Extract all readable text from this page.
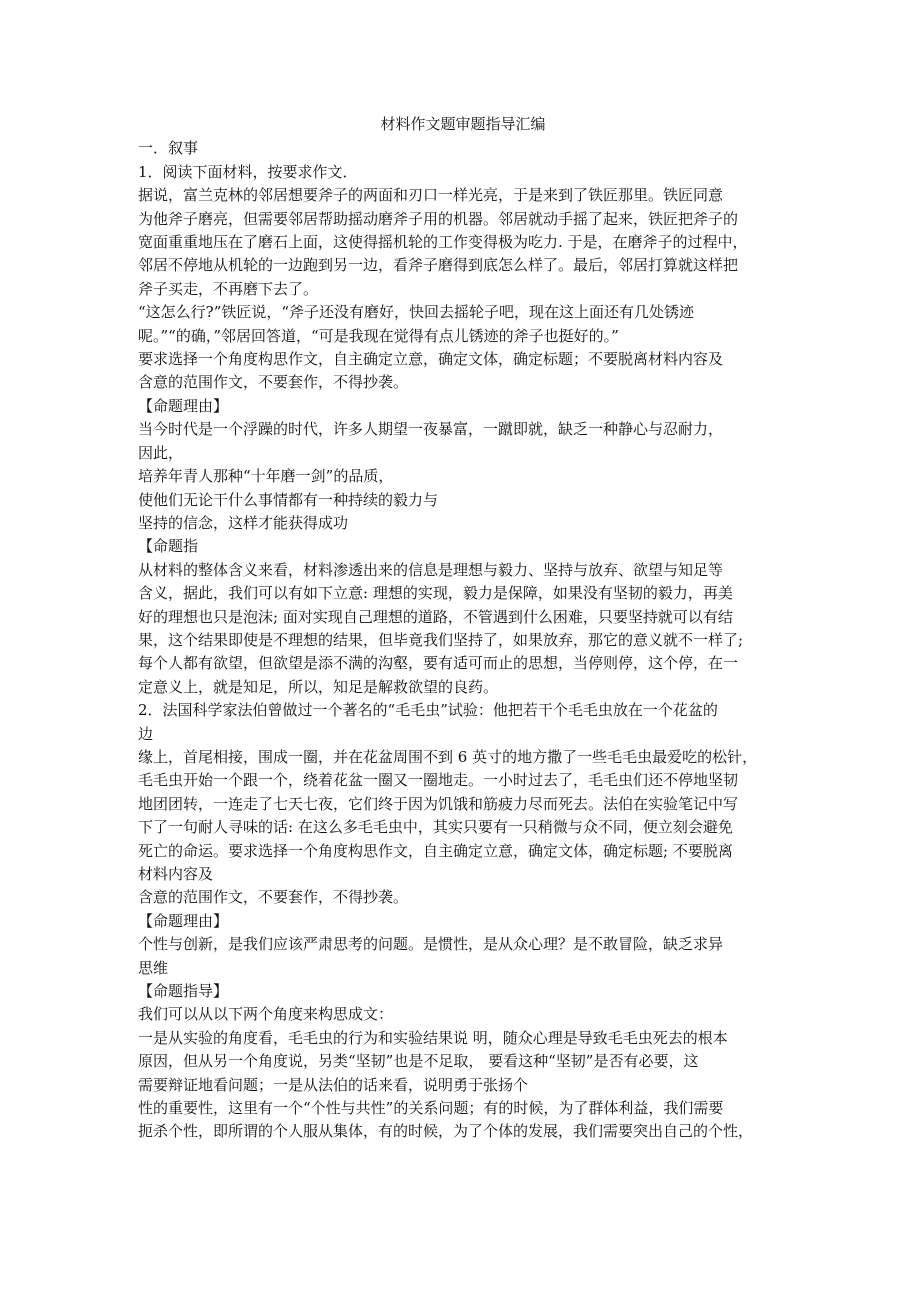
材料作文题审题指导汇编
一．叙事
1．阅读下面材料，按要求作文．
据说，富兰克林的邻居想要斧子的两面和刃口一样光亮，于是来到了铁匠那里。铁匠同意
为他斧子磨亮，但需要邻居帮助摇动磨斧子用的机器。邻居就动手摇了起来，铁匠把斧子的
宽面重重地压在了磨石上面，这使得摇机轮的工作变得极为吃力. 于是，在磨斧子的过程中，
邻居不停地从机轮的一边跑到另一边，看斧子磨得到底怎么样了。最后，邻居打算就这样把
斧子买走，不再磨下去了。
“这怎么行?”铁匠说，“斧子还没有磨好，快回去摇轮子吧，现在这上面还有几处锈迹
呢。”“的确，”邻居回答道，“可是我现在觉得有点儿锈迹的斧子也挺好的。”
要求选择一个角度构思作文，自主确定立意，确定文体，确定标题；不要脱离材料内容及
含意的范围作文，不要套作，不得抄袭。
【命题理由】
当今时代是一个浮躁的时代，许多人期望一夜暴富，一蹴即就，缺乏一种静心与忍耐力，
因此，
培养年青人那种“十年磨一剑”的品质，
使他们无论干什么事情都有一种持续的毅力与
坚持的信念，这样才能获得成功
【命题指
从材料的整体含义来看，材料渗透出来的信息是理想与毅力、坚持与放弃、欲望与知足等
含义，据此，我们可以有如下立意: 理想的实现，毅力是保障，如果没有坚韧的毅力，再美
好的理想也只是泡沫; 面对实现自己理想的道路，不管遇到什么困难，只要坚持就可以有结
果，这个结果即使是不理想的结果，但毕竟我们坚持了，如果放弃，那它的意义就不一样了;
每个人都有欲望，但欲望是添不满的沟壑，要有适可而止的思想，当停则停，这个停，在一
定意义上，就是知足，所以，知足是解救欲望的良药。
2．法国科学家法伯曾做过一个著名的“毛毛虫”试验：他把若干个毛毛虫放在一个花盆的
边
缘上，首尾相接，围成一圈，并在花盆周围不到 6 英寸的地方撒了一些毛毛虫最爱吃的松针，
毛毛虫开始一个跟一个，绕着花盆一圈又一圈地走。一小时过去了，毛毛虫们还不停地坚韧
地团团转，一连走了七天七夜，它们终于因为饥饿和筋疲力尽而死去。法伯在实验笔记中写
下了一句耐人寻味的话: 在这么多毛毛虫中，其实只要有一只稍微与众不同，便立刻会避免
死亡的命运。要求选择一个角度构思作文，自主确定立意，确定文体，确定标题; 不要脱离
材料内容及
含意的范围作文，不要套作，不得抄袭。
【命题理由】
个性与创新，是我们应该严肃思考的问题。是惯性，是从众心理？是不敢冒险，缺乏求异
思维
【命题指导】
我们可以从以下两个角度来构思成文：
一是从实验的角度看，毛毛虫的行为和实验结果说 明，随众心理是导致毛毛虫死去的根本
原因，但从另一个角度说，另类“坚韧”也是不足取， 要看这种“坚韧”是否有必要，这
需要辩证地看问题；一是从法伯的话来看，说明勇于张扬个
性的重要性，这里有一个“个性与共性”的关系问题；有的时候，为了群体利益，我们需要
扼杀个性，即所谓的个人服从集体，有的时候，为了个体的发展，我们需要突出自己的个性，
